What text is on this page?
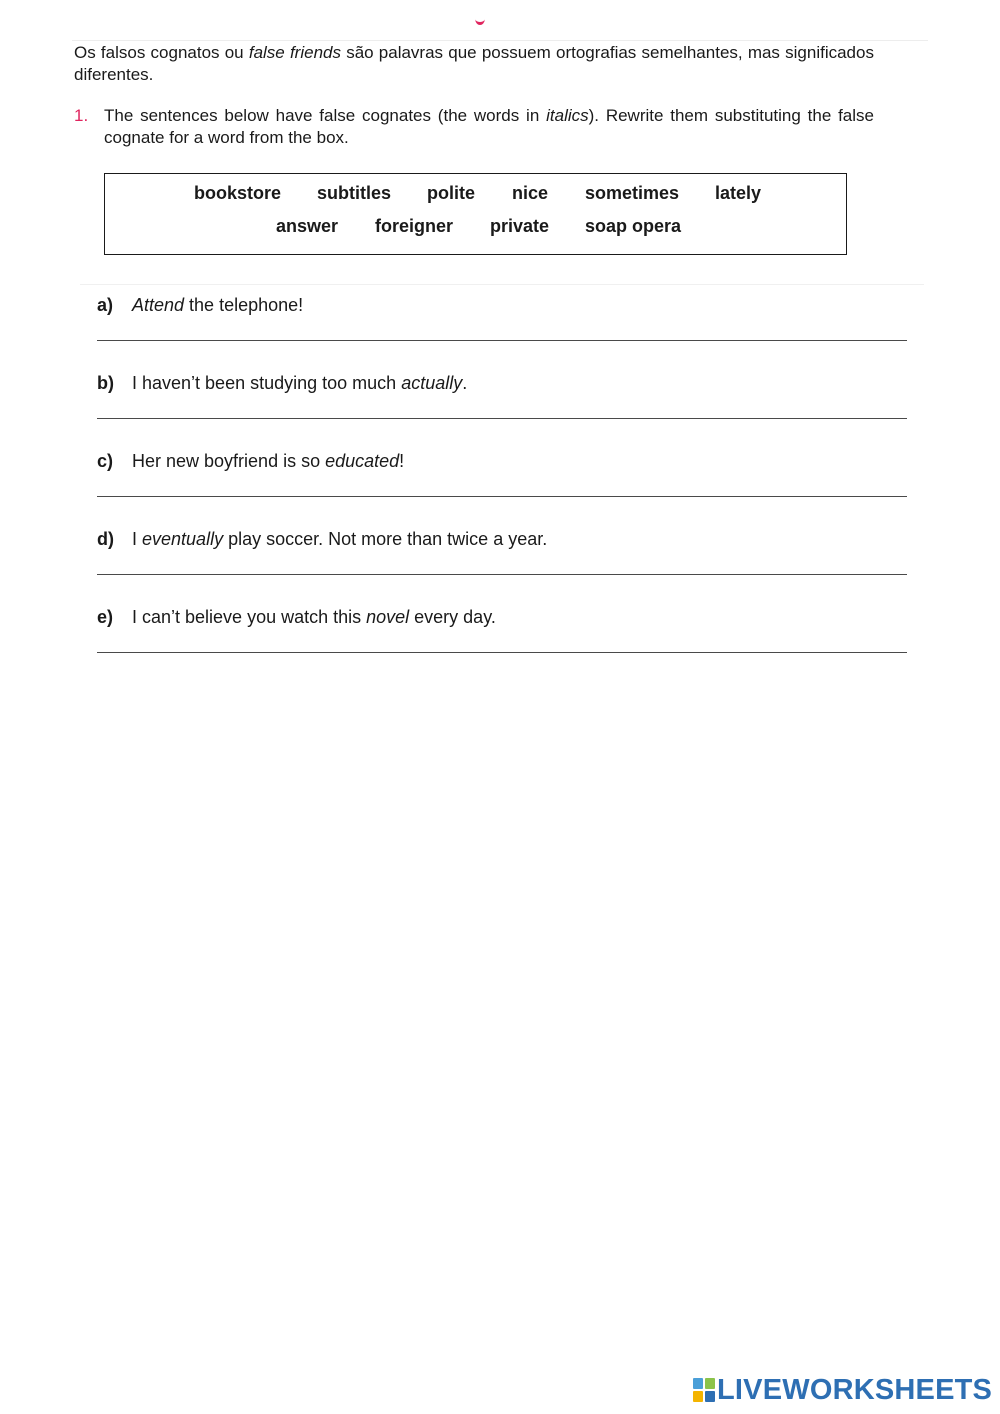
Os falsos cognatos ou false friends são palavras que possuem ortografias semelhantes, mas significados diferentes.

1. The sentences below have false cognates (the words in italics). Rewrite them substituting the false cognate for a word from the box.
bookstore subtitles polite nice sometimes lately
answer foreigner private soap opera
a) Attend the telephone!
b) I haven’t been studying too much actually.
c) Her new boyfriend is so educated!
d) I eventually play soccer. Not more than twice a year.
e) I can’t believe you watch this novel every day.
LIVEWORKSHEETS
